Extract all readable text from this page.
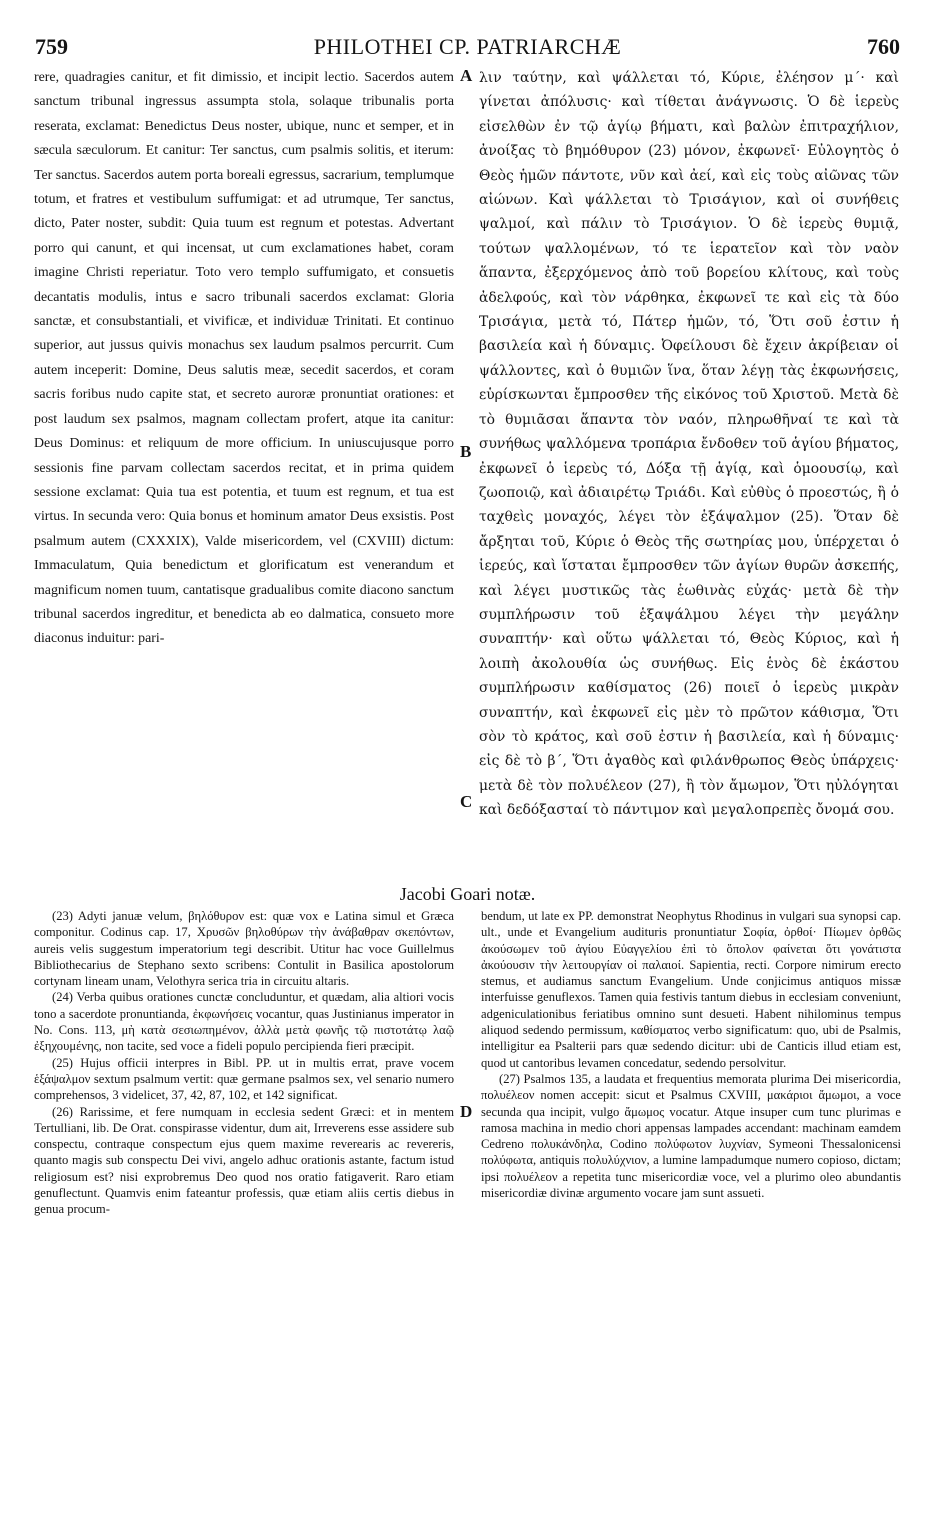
759	PHILOTHEI CP. PATRIARCHÆ	760
rere, quadragies canitur, et fit dimissio, et incipit lectio. Sacerdos autem sanctum tribunal ingressus assumpta stola, solaque tribunalis porta reserata, exclamat: Benedictus Deus noster, ubique, nunc et semper, et in sæcula sæculorum. Et canitur: Ter sanctus, cum psalmis solitis, et iterum: Ter sanctus. Sacerdos autem porta boreali egressus, sacrarium, templumque totum, et fratres et vestibulum suffumigat: et ad utrumque, Ter sanctus, dicto, Pater noster, subdit: Quia tuum est regnum et potestas. Advertant porro qui canunt, et qui incensat, ut cum exclamationes habet, coram imagine Christi reperiatur. Toto vero templo suffumigato, et consuetis decantatis modulis, intus e sacro tribunali sacerdos exclamat: Gloria sanctæ, et consubstantiali, et vivificæ, et individuæ Trinitati. Et continuo superior, aut jussus quivis monachus sex laudum psalmos percurrit. Cum autem inceperit: Domine, Deus salutis meæ, secedit sacerdos, et coram sacris foribus nudo capite stat, et secreto auroræ pronuntiat orationes: et post laudum sex psalmos, magnam collectam profert, atque ita canitur: Deus Dominus: et reliquum de more officium. In uniuscujusque porro sessionis fine parvam collectam sacerdos recitat, et in prima quidem sessione exclamat: Quia tua est potentia, et tuum est regnum, et tua est virtus. In secunda vero: Quia bonus et hominum amator Deus exsistis. Post psalmum autem (CXXXIX), Valde misericordem, vel (CXVIII) dictum: Immaculatum, Quia benedictum et glorificatum est venerandum et magnificum nomen tuum, cantatisque gradualibus comite diacono sanctum tribunal sacerdos ingreditur, et benedicta ab eo dalmatica, consueto more diaconus induitur: pari-
λιν ταύτην, καὶ ψάλλεται τό, Κύριε, ἐλέησον μ΄· καὶ γίνεται ἀπόλυσις· καὶ τίθεται ἀνάγνωσις. Ὁ δὲ ἱερεὺς εἰσελθὼν ἐν τῷ ἁγίῳ βήματι, καὶ βαλὼν ἐπιτραχήλιον, ἀνοίξας τὸ βημόθυρον (23) μόνον, ἐκφωνεῖ· Εὐλογητὸς ὁ Θεὸς ἡμῶν πάντοτε, νῦν καὶ ἀεί, καὶ εἰς τοὺς αἰῶνας τῶν αἰώνων. Καὶ ψάλλεται τὸ Τρισάγιον, καὶ οἱ συνήθεις ψαλμοί, καὶ πάλιν τὸ Τρισάγιον. Ὁ δὲ ἱερεὺς θυμιᾷ, τούτων ψαλλομένων, τό τε ἱερατεῖον καὶ τὸν ναὸν ἅπαντα, ἐξερχόμενος ἀπὸ τοῦ βορείου κλίτους, καὶ τοὺς ἀδελφούς, καὶ τὸν νάρθηκα, ἐκφωνεῖ τε καὶ εἰς τὰ δύο Τρισάγια, μετὰ τό, Πάτερ ἡμῶν, τό, Ὅτι σοῦ ἐστιν ἡ βασιλεία καὶ ἡ δύναμις. Ὀφείλουσι δὲ ἔχειν ἀκρίβειαν οἱ ψάλλοντες, καὶ ὁ θυμιῶν ἵνα, ὅταν λέγῃ τὰς ἐκφωνήσεις, εὑρίσκωνται ἔμπροσθεν τῆς εἰκόνος τοῦ Χριστοῦ. Μετὰ δὲ τὸ θυμιᾶσαι ἅπαντα τὸν ναόν, πληρωθῆναί τε καὶ τὰ συνήθως ψαλλόμενα τροπάρια ἔνδοθεν τοῦ ἁγίου βήματος, ἐκφωνεῖ ὁ ἱερεὺς τό, Δόξα τῇ ἁγίᾳ, καὶ ὁμοουσίῳ, καὶ ζωοποιῷ, καὶ ἀδιαιρέτῳ Τριάδι. Καὶ εὐθὺς ὁ προεστώς, ἢ ὁ ταχθεὶς μοναχός, λέγει τὸν ἑξάψαλμον (25). Ὅταν δὲ ἄρξηται τοῦ, Κύριε ὁ Θεὸς τῆς σωτηρίας μου, ὑπέρχεται ὁ ἱερεύς, καὶ ἵσταται ἔμπροσθεν τῶν ἁγίων θυρῶν ἀσκεπής, καὶ λέγει μυστικῶς τὰς ἑωθινὰς εὐχάς· μετὰ δὲ τὴν συμπλήρωσιν τοῦ ἑξαψάλμου λέγει τὴν μεγάλην συναπτήν· καὶ οὕτω ψάλλεται τό, Θεὸς Κύριος, καὶ ἡ λοιπὴ ἀκολουθία ὡς συνήθως. Εἰς ἑνὸς δὲ ἑκάστου συμπλήρωσιν καθίσματος (26) ποιεῖ ὁ ἱερεὺς μικρὰν συναπτήν, καὶ ἐκφωνεῖ εἰς μὲν τὸ πρῶτον κάθισμα, Ὅτι σὸν τὸ κράτος, καὶ σοῦ ἐστιν ἡ βασιλεία, καὶ ἡ δύναμις· εἰς δὲ τὸ β΄, Ὅτι ἀγαθὸς καὶ φιλάνθρωπος Θεὸς ὑπάρχεις· μετὰ δὲ τὸν πολυέλεον (27), ἢ τὸν ἄμωμον, Ὅτι ηὐλόγηται καὶ δεδόξασταί τὸ πάντιμον καὶ μεγαλοπρεπὲς ὄνομά σου.
A
B
C
D
Jacobi Goari notæ.

(23) Adyti januæ velum, βηλόθυρον est: quæ vox e Latina simul et Græca componitur. Codinus cap. 17, Χρυσῶν βηλοθύρων τὴν ἀνάβαθραν σκεπόντων, aureis velis suggestum imperatorium tegi describit. Utitur hac voce Guillelmus Bibliothecarius de Stephano sexto scribens: Contulit in Basilica apostolorum cortynam lineam unam, Velothyra serica tria in circuitu altaris.

(24) Verba quibus orationes cunctæ concluduntur, et quædam, alia altiori vocis tono a sacerdote pronuntianda, ἐκφωνήσεις vocantur, quas Justinianus imperator in No. Cons. 113, μὴ κατὰ σεσιωπημένον, ἀλλὰ μετὰ φωνῆς τῷ πιστοτάτῳ λαῷ ἐξηχουμένης, non tacite, sed voce a fideli populo percipienda fieri præcipit.

(25) Hujus officii interpres in Bibl. PP. ut in multis errat, prave vocem ἑξάψαλμον sextum psalmum vertit: quæ germane psalmos sex, vel senario numero comprehensos, 3 videlicet, 37, 42, 87, 102, et 142 significat.

(26) Rarissime, et fere numquam in ecclesia sedent Græci: et in mentem Tertulliani, lib. De Orat. conspirasse videntur, dum ait, Irreverens esse assidere sub conspectu, contraque conspectum ejus quem maxime reverearis ac revereris, quanto magis sub conspectu Dei vivi, angelo adhuc orationis astante, factum istud religiosum est? nisi exprobremus Deo quod nos oratio fatigaverit. Raro etiam genuflectunt. Quamvis enim fateantur professis, quæ etiam aliis certis diebus in genua procum-

bendum, ut late ex PP. demonstrat Neophytus Rhodinus in vulgari sua synopsi cap. ult., unde et Evangelium audituris pronuntiatur Σοφία, ὀρθοί· Πίωμεν ὀρθῶς ἀκούσωμεν τοῦ ἁγίου Εὐαγγελίου ἐπὶ τὸ ὅπολον φαίνεται ὅτι γονάτιστα ἀκούουσιν τὴν λειτουργίαν οἱ παλαιοί. Sapientia, recti. Corpore nimirum erecto stemus, et audiamus sanctum Evangelium. Unde conjicimus antiquos missæ interfuisse genuflexos. Tamen quia festivis tantum diebus in ecclesiam conveniunt, adgeniculationibus feriatibus omnino sunt desueti. Habent nihilominus tempus aliquod sedendo permissum, καθίσματος verbo significatum: quo, ubi de Psalmis, intelligitur ea Psalterii pars quæ sedendo dicitur: ubi de Canticis illud etiam est, quod ut cantoribus levamen concedatur, sedendo persolvitur.

(27) Psalmos 135, a laudata et frequentius memorata plurima Dei misericordia, πολυέλεον nomen accepit: sicut et Psalmus CXVIII, μακάριοι ἄμωμοι, a voce secunda qua incipit, vulgo ἄμωμος vocatur. Atque insuper cum tunc plurimas e ramosa machina in medio chori appensas lampades accendant: machinam eamdem Cedreno πολυκάνδηλα, Codino πολύφωτον λυχνίαν, Symeoni Thessalonicensi πολύφωτα, antiquis πολυλύχνιον, a lumine lampadumque numero copioso, dictam; ipsi πολυέλεον a repetita tunc misericordiæ voce, vel a plurimo oleo abundantis misericordiæ divinæ argumento vocare jam sunt assueti.
